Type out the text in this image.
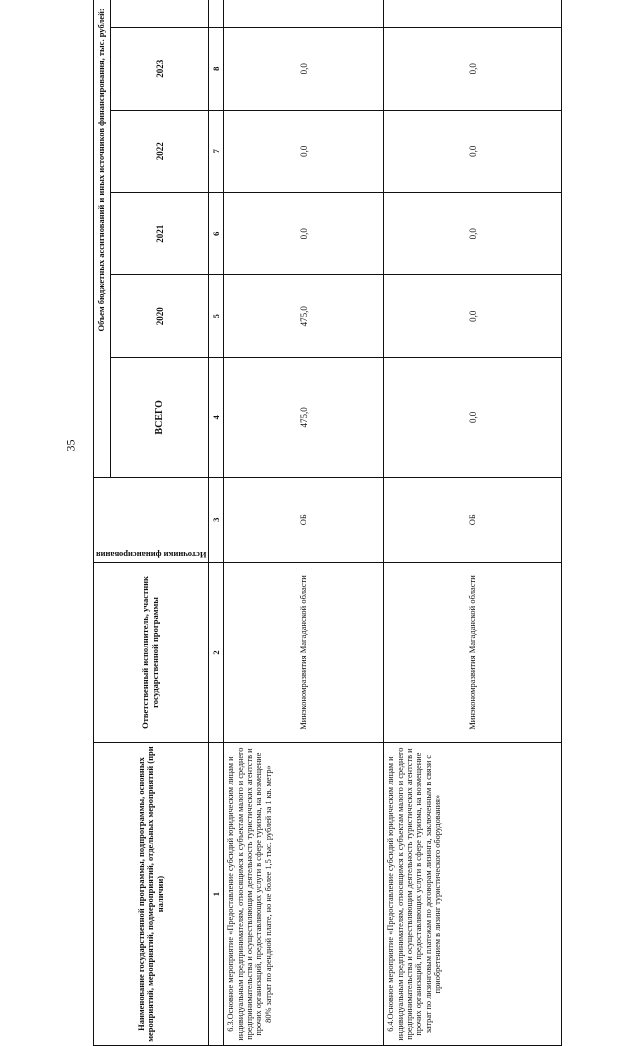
35
Наименование государственной программы, подпрограммы, основных мероприятий, мероприятий, подмероприятий, отдельных мероприятий (при наличии)	Ответственный исполнитель, участник государственной программы	Источники финансирования	Объем бюджетных ассигнований и иных источников финансирования, тыс. рублей:						
			ВСЕГО	2020	2021	2022	2023		
1	2	3	4	5	6	7	8		
6.3.Основное мероприятие «Предоставление субсидий юридическим лицам и индивидуальным предпринимателям, относящимся к субъектам малого и среднего предпринимательства и осуществляющим деятельность туристических агентств и прочих организаций, предоставляющих услуги в сфере туризма, на возмещение 80% затрат по арендной плате, но не более 1,5 тыс. рублей за 1 кв. метр»	Минэкономразвития Магаданской области	ОБ	475,0	475,0	0,0	0,0	0,0		
6.4.Основное мероприятие «Предоставление субсидий юридическим лицам и индивидуальным предпринимателям, относящимся к субъектам малого и среднего предпринимательства и осуществляющим деятельность туристических агентств и прочих организаций, предоставляющих услуги в сфере туризма, на возмещение затрат по лизинговым платежам по договорам лизинга, заключенным в связи с приобретением в лизинг туристического оборудования»	Минэкономразвития Магаданской области	ОБ	0,0	0,0	0,0	0,0	0,0		
